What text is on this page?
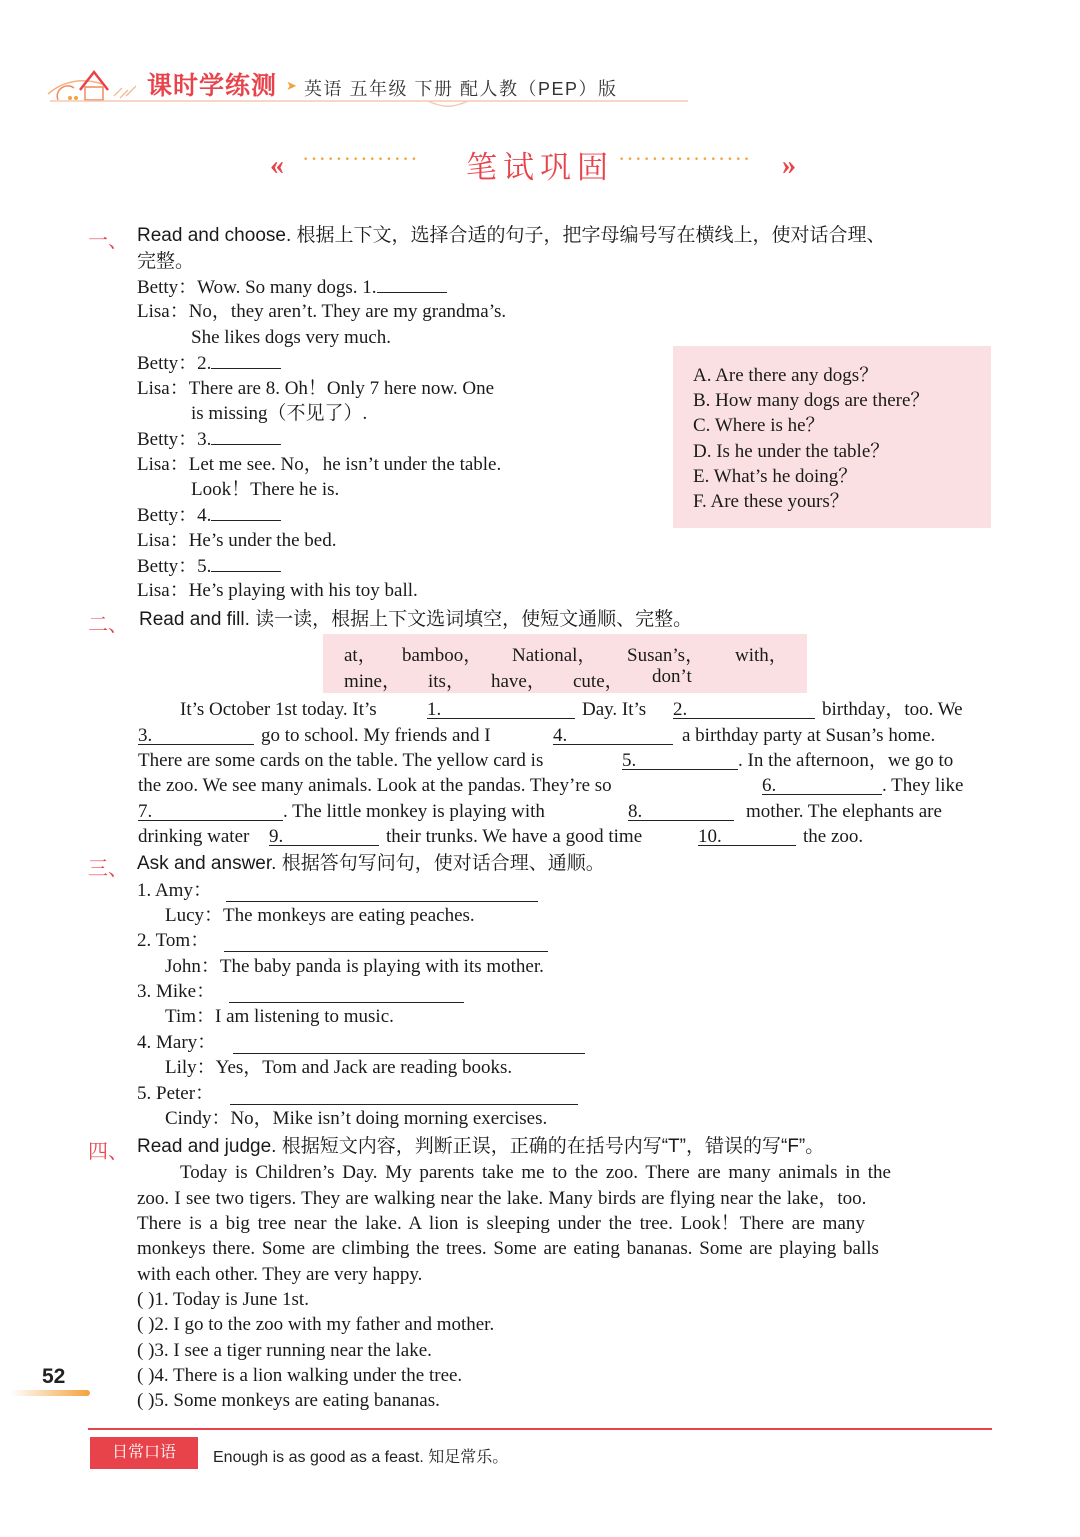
课时学练测 ➤ 英语 五年级 下册 配人教（PEP）版
« ··············	笔试巩固 ················ »
一、 Read and choose. 根据上下文，选择合适的句子，把字母编号写在横线上，使对话合理、
完整。
Betty：Wow. So many dogs. 1.
Lisa：No，they aren’t. They are my grandma’s.
She likes dogs very much.
Betty：2.
Lisa：There are 8. Oh！Only 7 here now. One
is missing（不见了）.
Betty：3.
Lisa：Let me see. No，he isn’t under the table.
Look！There he is.
Betty：4.
Lisa：He’s under the bed.
Betty：5.
Lisa：He’s playing with his toy ball.
A. Are there any dogs？
B. How many dogs are there？
C. Where is he？
D. Is he under the table？
E. What’s he doing？
F. Are these yours？
二、 Read and fill. 读一读，根据上下文选词填空，使短文通顺、完整。
at， bamboo， National， Susan’s， with，
mine， its， have， cute， don’t
It’s October 1st today. It’s	1.	Day. It’s 2.	birthday，too. We
3.	go to school. My friends and I	4.	a birthday party at Susan’s home.
There are some cards on the table. The yellow card is	5.	. In the afternoon，we go to
the zoo. We see many animals. Look at the pandas. They’re so	6.	. They like
7.	. The little monkey is playing with	8.	mother. The elephants are
drinking water 9.	their trunks. We have a good time	10.	the zoo.
三、 Ask and answer. 根据答句写问句，使对话合理、通顺。
1. Amy：
Lucy：The monkeys are eating peaches.
2. Tom：
John：The baby panda is playing with its mother.
3. Mike：
Tim：I am listening to music.
4. Mary：
Lily：Yes，Tom and Jack are reading books.
5. Peter：
Cindy：No，Mike isn’t doing morning exercises.
四、 Read and judge. 根据短文内容，判断正误，正确的在括号内写“T”，错误的写“F”。
Today is Children’s Day. My parents take me to the zoo. There are many animals in the
zoo. I see two tigers. They are walking near the lake. Many birds are flying near the lake，too.
There is a big tree near the lake. A lion is sleeping under the tree. Look！There are many
monkeys there. Some are climbing the trees. Some are eating bananas. Some are playing balls
with each other. They are very happy.
( )1. Today is June 1st.
( )2. I go to the zoo with my father and mother.
( )3. I see a tiger running near the lake.
( )4. There is a lion walking under the tree.
( )5. Some monkeys are eating bananas.
52
日常口语	Enough is as good as a feast. 知足常乐。
